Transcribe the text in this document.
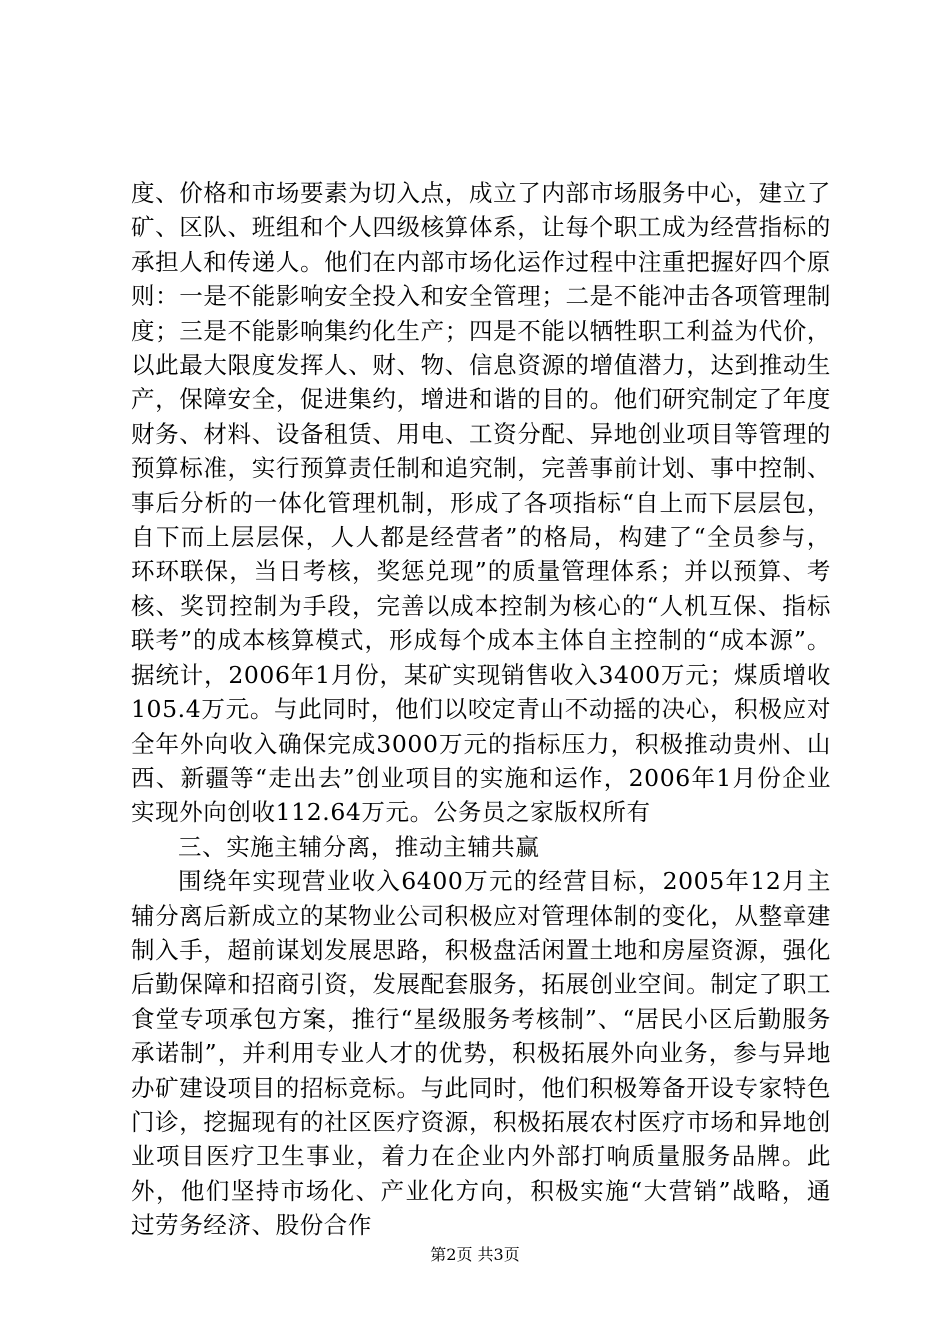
度、价格和市场要素为切入点，成立了内部市场服务中心，建立了矿、区队、班组和个人四级核算体系，让每个职工成为经营指标的承担人和传递人。他们在内部市场化运作过程中注重把握好四个原则：一是不能影响安全投入和安全管理；二是不能冲击各项管理制度；三是不能影响集约化生产；四是不能以牺牲职工利益为代价，以此最大限度发挥人、财、物、信息资源的增值潜力，达到推动生产，保障安全，促进集约，增进和谐的目的。他们研究制定了年度财务、材料、设备租赁、用电、工资分配、异地创业项目等管理的预算标准，实行预算责任制和追究制，完善事前计划、事中控制、事后分析的一体化管理机制，形成了各项指标“自上而下层层包，自下而上层层保，人人都是经营者”的格局，构建了“全员参与，环环联保，当日考核，奖惩兑现”的质量管理体系；并以预算、考核、奖罚控制为手段，完善以成本控制为核心的“人机互保、指标联考”的成本核算模式，形成每个成本主体自主控制的“成本源”。据统计，2006年1月份，某矿实现销售收入3400万元；煤质增收105.4万元。与此同时，他们以咬定青山不动摇的决心，积极应对全年外向收入确保完成3000万元的指标压力，积极推动贵州、山西、新疆等“走出去”创业项目的实施和运作，2006年1月份企业实现外向创收112.64万元。公务员之家版权所有

三、实施主辅分离，推动主辅共赢

围绕年实现营业收入6400万元的经营目标，2005年12月主辅分离后新成立的某物业公司积极应对管理体制的变化，从整章建制入手，超前谋划发展思路，积极盘活闲置土地和房屋资源，强化后勤保障和招商引资，发展配套服务，拓展创业空间。制定了职工食堂专项承包方案，推行“星级服务考核制”、“居民小区后勤服务承诺制”，并利用专业人才的优势，积极拓展外向业务，参与异地办矿建设项目的招标竞标。与此同时，他们积极筹备开设专家特色门诊，挖掘现有的社区医疗资源，积极拓展农村医疗市场和异地创业项目医疗卫生事业，着力在企业内外部打响质量服务品牌。此外，他们坚持市场化、产业化方向，积极实施“大营销”战略，通过劳务经济、股份合作

第2页 共3页
